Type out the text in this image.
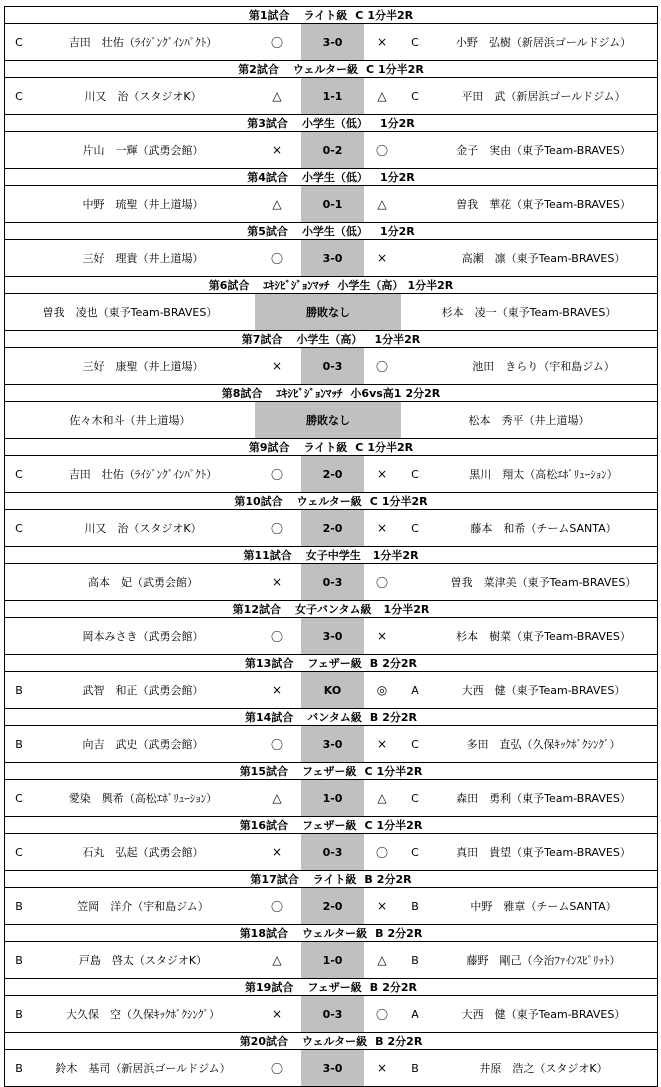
第1試合 ライト級 C 1分半2R

C	吉田　壮佑（ﾗｲｼﾞﾝｸﾞｲﾝﾊﾟｸﾄ）	〇	3-0	×	C	小野　弘樹（新居浜ゴールドジム）

第2試合 ウェルター級 C 1分半2R

C	川又　治（スタジオK）	△	1-1	△	C	平田　武（新居浜ゴールドジム）

第3試合 小学生（低） 1分2R

片山　一輝（武勇会館）	×	0-2	〇	金子　実由（東予Team-BRAVES）

第4試合 小学生（低） 1分2R

中野　琉聖（井上道場）	△	0-1	△	曽我　華花（東予Team-BRAVES）

第5試合 小学生（低） 1分2R

三好　理貴（井上道場）	〇	3-0	×	高瀬　凛（東予Team-BRAVES）

第6試合 ｴｷｼﾋﾞｼﾞｮﾝﾏｯﾁ 小学生（高） 1分半2R

曽我　凌也（東予Team-BRAVES）	勝敗なし	杉本　凌一（東予Team-BRAVES）

第7試合 小学生（高） 1分半2R

三好　康聖（井上道場）	×	0-3	〇	池田　きらり（宇和島ジム）

第8試合 ｴｷｼﾋﾞｼﾞｮﾝﾏｯﾁ 小6vs高1 2分2R

佐々木和斗（井上道場）	勝敗なし	松本　秀平（井上道場）

第9試合 ライト級 C 1分半2R

C	吉田　壮佑（ﾗｲｼﾞﾝｸﾞｲﾝﾊﾟｸﾄ）	〇	2-0	×	C	黒川　翔太（高松ｴﾎﾞﾘｭｰｼｮﾝ）

第10試合 ウェルター級 C 1分半2R

C	川又　治（スタジオK）	〇	2-0	×	C	藤本　和希（チームSANTA）

第11試合 女子中学生 1分半2R

高本　妃（武勇会館）	×	0-3	〇	曽我　菜津美（東予Team-BRAVES）

第12試合 女子バンタム級 1分半2R

岡本みさき（武勇会館）	〇	3-0	×	杉本　樹菜（東予Team-BRAVES）

第13試合 フェザー級 B 2分2R

B	武智　和正（武勇会館）	×	KO	◎	A	大西　健（東予Team-BRAVES）

第14試合 バンタム級 B 2分2R

B	向吉　武史（武勇会館）	〇	3-0	×	C	多田　直弘（久保ｷｯｸﾎﾞｸｼﾝｸﾞ）

第15試合 フェザー級 C 1分半2R

C	愛染　興希（高松ｴﾎﾞﾘｭｰｼｮﾝ）	△	1-0	△	C	森田　勇利（東予Team-BRAVES）

第16試合 フェザー級 C 1分半2R

C	石丸　弘起（武勇会館）	×	0-3	〇	C	真田　貴望（東予Team-BRAVES）

第17試合 ライト級 B 2分2R

B	笠岡　洋介（宇和島ジム）	〇	2-0	×	B	中野　雅章（チームSANTA）

第18試合 ウェルター級 B 2分2R

B	戸島　啓太（スタジオK）	△	1-0	△	B	藤野　剛己（今治ﾌｧｲﾝｽﾋﾟﾘｯﾄ）

第19試合 フェザー級 B 2分2R

B	大久保　空（久保ｷｯｸﾎﾞｸｼﾝｸﾞ）	×	0-3	〇	A	大西　健（東予Team-BRAVES）

第20試合 ウェルター級 B 2分2R

B	鈴木　基司（新居浜ゴールドジム）	〇	3-0	×	B	井原　浩之（スタジオK）
